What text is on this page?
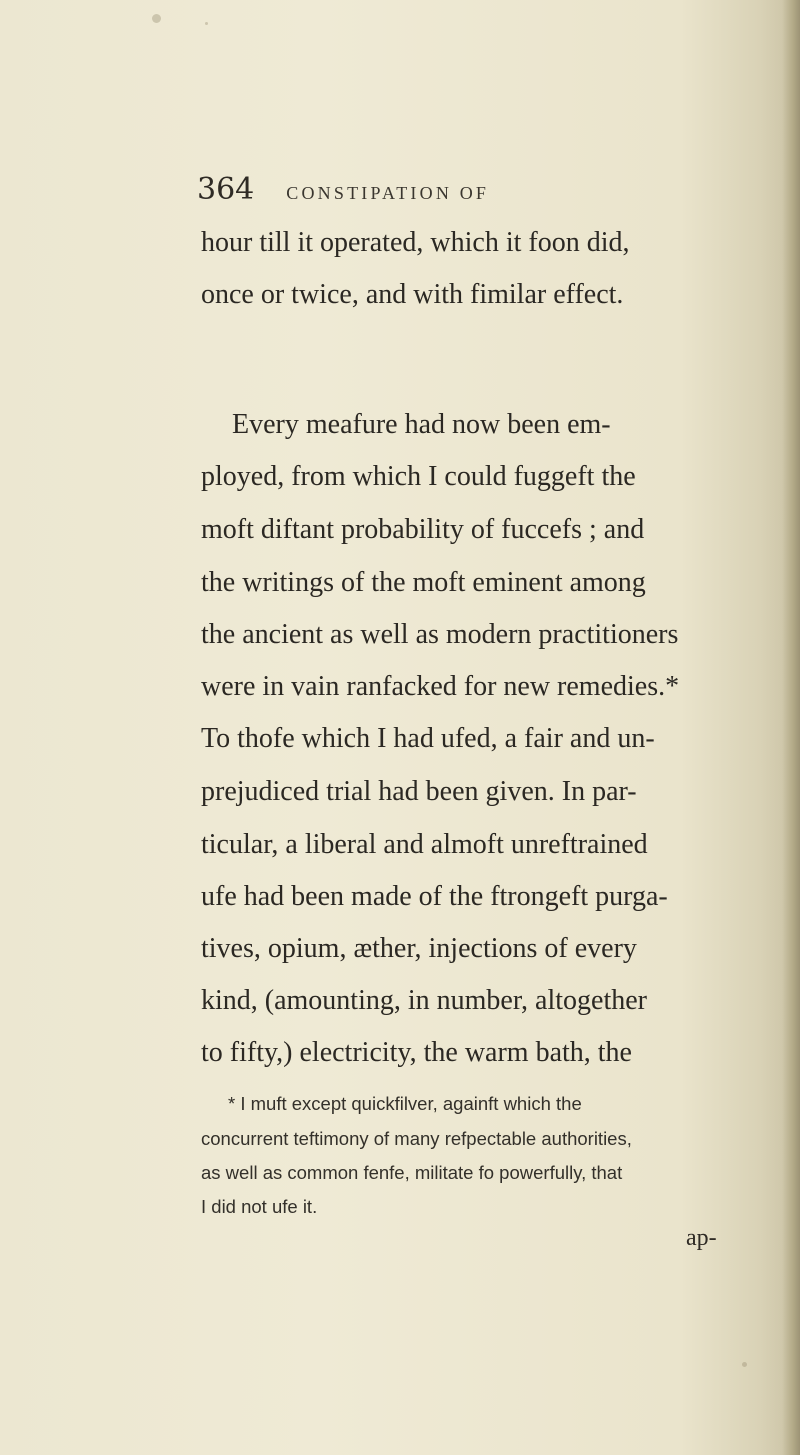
364 CONSTIPATION OF
hour till it operated, which it foon did,
once or twice, and with fimilar effect.
Every meafure had now been em-
ployed, from which I could fuggeft the
moft diftant probability of fuccefs ; and
the writings of the moft eminent among
the ancient as well as modern practitioners
were in vain ranfacked for new remedies.*
To thofe which I had ufed, a fair and un-
prejudiced trial had been given. In par-
ticular, a liberal and almoft unreftrained
ufe had been made of the ftrongeft purga-
tives, opium, æther, injections of every
kind, (amounting, in number, altogether
to fifty,) electricity, the warm bath, the
* I muft except quickfilver, againft which the
concurrent teftimony of many refpectable authorities,
as well as common fenfe, militate fo powerfully, that
I did not ufe it.
ap-
